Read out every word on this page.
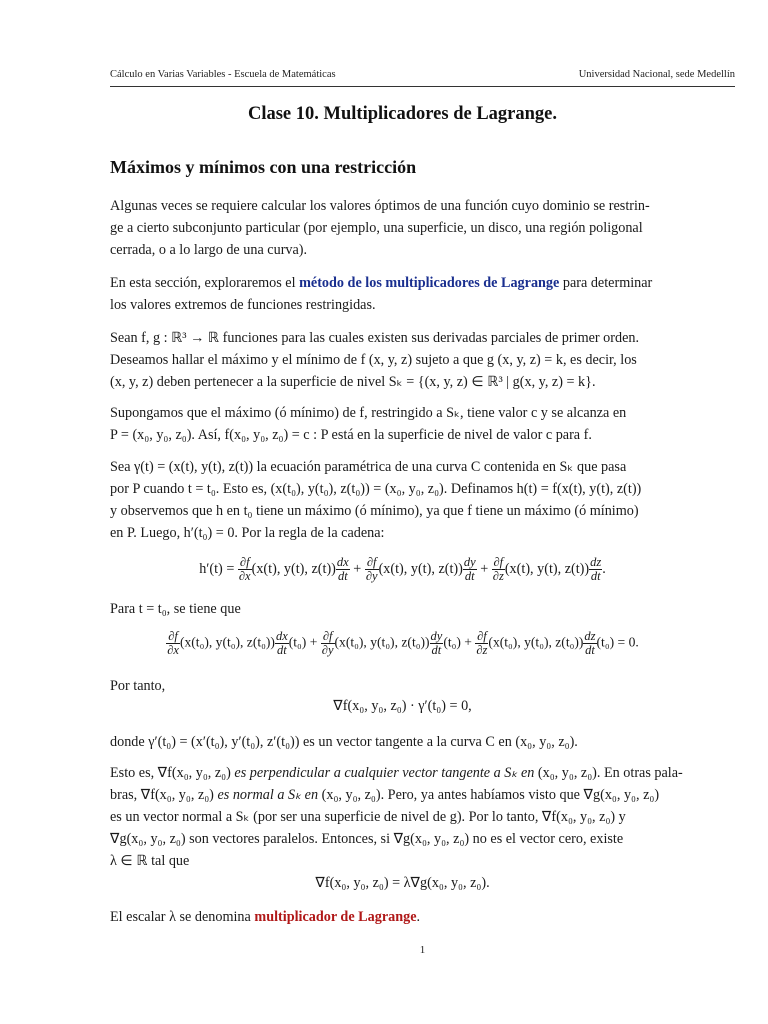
Cálculo en Varias Variables - Escuela de Matemáticas	Universidad Nacional, sede Medellín
Clase 10. Multiplicadores de Lagrange.
Máximos y mínimos con una restricción

Algunas veces se requiere calcular los valores óptimos de una función cuyo dominio se restrin-
ge a cierto subconjunto particular (por ejemplo, una superficie, un disco, una región poligonal
cerrada, o a lo largo de una curva).

En esta sección, exploraremos el método de los multiplicadores de Lagrange para determinar
los valores extremos de funciones restringidas.

Sean f, g : ℝ³ → ℝ funciones para las cuales existen sus derivadas parciales de primer orden.
Deseamos hallar el máximo y el mínimo de f (x, y, z) sujeto a que g (x, y, z) = k, es decir, los
(x, y, z) deben pertenecer a la superficie de nivel Sₖ = {(x, y, z) ∈ ℝ³ | g(x, y, z) = k}.

Supongamos que el máximo (ó mínimo) de f, restringido a Sₖ, tiene valor c y se alcanza en
P = (x₀, y₀, z₀). Así, f(x₀, y₀, z₀) = c : P está en la superficie de nivel de valor c para f.

Sea γ(t) = (x(t), y(t), z(t)) la ecuación paramétrica de una curva C contenida en Sₖ que pasa
por P cuando t = t₀. Esto es, (x(t₀), y(t₀), z(t₀)) = (x₀, y₀, z₀). Definamos h(t) = f(x(t), y(t), z(t))
y observemos que h en t₀ tiene un máximo (ó mínimo), ya que f tiene un máximo (ó mínimo)
en P. Luego, h′(t₀) = 0. Por la regla de la cadena:

$h'(t) = \frac{\partial f}{\partial x} (x(t)$, y(t), $z(t)) \frac{dx}{dt} + \frac{\partial f}{\partial y} (x(t)$, y(t), $z(t)) \frac{dy}{dt} + \frac{\partial f}{\partial z} (x(t)$, y(t), $z(t)) \frac{dz}{dt}$ .

Para t = t₀, se tiene que

$\frac{\partial f}{\partial x} (x(t_0)$, y(t₀), $z(t_0)) \frac{dx}{dt} (t_0) + \frac{\partial f}{\partial y} (x(t_0)$, y(t₀), $z(t_0)) \frac{dy}{dt} (t_0) + \frac{\partial f}{\partial z} (x(t_0)$, y(t₀), $z(t_0)) \frac{dz}{dt} (t_0) = 0$.

Por tanto,

∇f(x₀, y₀, z₀) · γ′(t₀) = 0,

donde γ′(t₀) = (x′(t₀), y′(t₀), z′(t₀)) es un vector tangente a la curva C en (x₀, y₀, z₀).

Esto es, ∇f(x₀, y₀, z₀) es perpendicular a cualquier vector tangente a Sₖ en (x₀, y₀, z₀). En otras pala-
bras, ∇f(x₀, y₀, z₀) es normal a Sₖ en (x₀, y₀, z₀). Pero, ya antes habíamos visto que ∇g(x₀, y₀, z₀)
es un vector normal a Sₖ (por ser una superficie de nivel de g). Por lo tanto, ∇f(x₀, y₀, z₀) y
∇g(x₀, y₀, z₀) son vectores paralelos. Entonces, si ∇g(x₀, y₀, z₀) no es el vector cero, existe
λ ∈ ℝ tal que

∇f(x₀, y₀, z₀) = λ∇g(x₀, y₀, z₀).

El escalar λ se denomina multiplicador de Lagrange.

1
